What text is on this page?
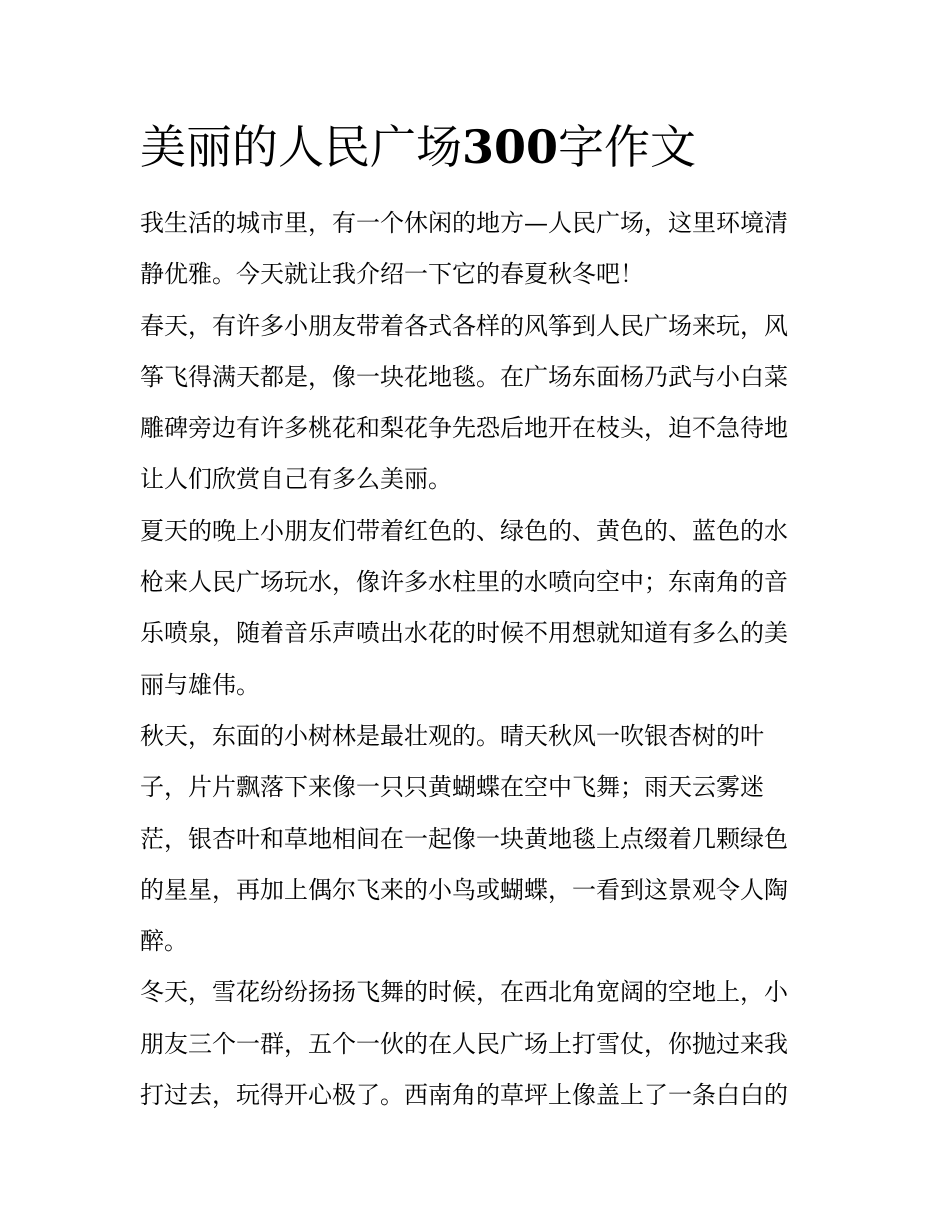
美丽的人民广场300字作文

我生活的城市里，有一个休闲的地方—人民广场，这里环境清
静优雅。今天就让我介绍一下它的春夏秋冬吧！

春天，有许多小朋友带着各式各样的风筝到人民广场来玩，风
筝飞得满天都是，像一块花地毯。在广场东面杨乃武与小白菜
雕碑旁边有许多桃花和梨花争先恐后地开在枝头，迫不急待地
让人们欣赏自己有多么美丽。

夏天的晚上小朋友们带着红色的、绿色的、黄色的、蓝色的水
枪来人民广场玩水，像许多水柱里的水喷向空中；东南角的音
乐喷泉，随着音乐声喷出水花的时候不用想就知道有多么的美
丽与雄伟。

秋天，东面的小树林是最壮观的。晴天秋风一吹银杏树的叶
子，片片飘落下来像一只只黄蝴蝶在空中飞舞；雨天云雾迷
茫，银杏叶和草地相间在一起像一块黄地毯上点缀着几颗绿色
的星星，再加上偶尔飞来的小鸟或蝴蝶，一看到这景观令人陶
醉。

冬天，雪花纷纷扬扬飞舞的时候，在西北角宽阔的空地上，小
朋友三个一群，五个一伙的在人民广场上打雪仗，你抛过来我
打过去，玩得开心极了。西南角的草坪上像盖上了一条白白的
